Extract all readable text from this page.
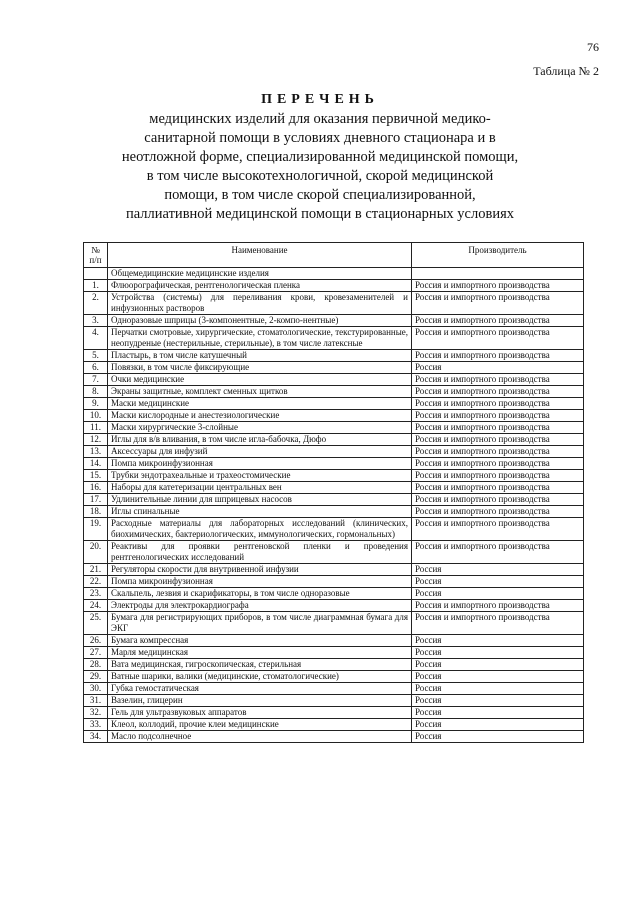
76
Таблица № 2

ПЕРЕЧЕНЬ

медицинских изделий для оказания первичной медико-санитарной помощи в условиях дневного стационара и в неотложной форме, специализированной медицинской помощи, в том числе высокотехнологичной, скорой медицинской помощи, в том числе скорой специализированной, паллиативной медицинской помощи в стационарных условиях

№ п/п	Наименование	Производитель
	Общемедицинские медицинские изделия	
1.	Флюорографическая, рентгенологическая пленка	Россия и импортного производства
2.	Устройства (системы) для переливания крови, кровезаменителей и инфузионных растворов	Россия и импортного производства
3.	Одноразовые шприцы (3-компонентные, 2-компо-нентные)	Россия и импортного производства
4.	Перчатки смотровые, хирургические, стоматологические, текстурированные, неопудреные (нестерильные, стерильные), в том числе латексные	Россия и импортного производства
5.	Пластырь, в том числе катушечный	Россия и импортного производства
6.	Повязки, в том числе фиксирующие	Россия
7.	Очки медицинские	Россия и импортного производства
8.	Экраны защитные, комплект сменных щитков	Россия и импортного производства
9.	Маски медицинские	Россия и импортного производства
10.	Маски кислородные и анестезиологические	Россия и импортного производства
11.	Маски хирургические 3-слойные	Россия и импортного производства
12.	Иглы для в/в вливания, в том числе игла-бабочка, Дюфо	Россия и импортного производства
13.	Аксессуары для инфузий	Россия и импортного производства
14.	Помпа микроинфузионная	Россия и импортного производства
15.	Трубки эндотрахеальные и трахеостомические	Россия и импортного производства
16.	Наборы для катетеризации центральных вен	Россия и импортного производства
17.	Удлинительные линии для шприцевых насосов	Россия и импортного производства
18.	Иглы спинальные	Россия и импортного производства
19.	Расходные материалы для лабораторных исследований (клинических, биохимических, бактериологических, иммунологических, гормональных)	Россия и импортного производства
20.	Реактивы для проявки рентгеновской пленки и проведения рентгенологических исследований	Россия и импортного производства
21.	Регуляторы скорости для внутривенной инфузии	Россия
22.	Помпа микроинфузионная	Россия
23.	Скальпель, лезвия и скарификаторы, в том числе одноразовые	Россия
24.	Электроды для электрокардиографа	Россия и импортного производства
25.	Бумага для регистрирующих приборов, в том числе диаграммная бумага для ЭКГ	Россия и импортного производства
26.	Бумага компрессная	Россия
27.	Марля медицинская	Россия
28.	Вата медицинская, гигроскопическая, стерильная	Россия
29.	Ватные шарики, валики (медицинские, стоматологические)	Россия
30.	Губка гемостатическая	Россия
31.	Вазелин, глицерин	Россия
32.	Гель для ультразвуковых аппаратов	Россия
33.	Клеол, коллодий, прочие клеи медицинские	Россия
34.	Масло подсолнечное	Россия
